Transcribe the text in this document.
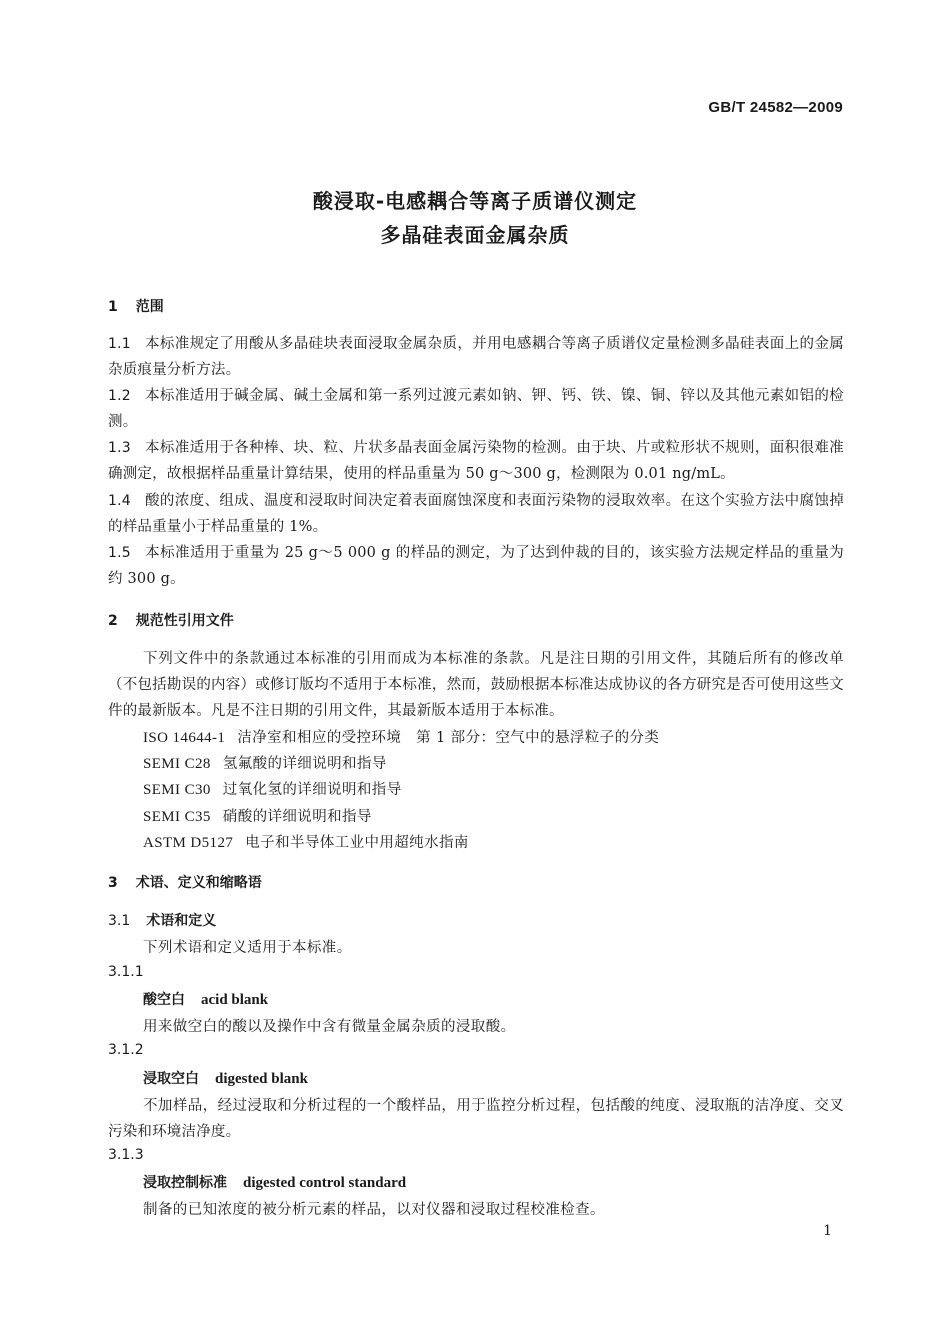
GB/T 24582—2009
酸浸取-电感耦合等离子质谱仪测定
多晶硅表面金属杂质
1 范围
1.1 本标准规定了用酸从多晶硅块表面浸取金属杂质，并用电感耦合等离子质谱仪定量检测多晶硅表面上的金属杂质痕量分析方法。
1.2 本标准适用于碱金属、碱土金属和第一系列过渡元素如钠、钾、钙、铁、镍、铜、锌以及其他元素如铝的检测。
1.3 本标准适用于各种棒、块、粒、片状多晶表面金属污染物的检测。由于块、片或粒形状不规则，面积很难准确测定，故根据样品重量计算结果，使用的样品重量为 50 g～300 g，检测限为 0.01 ng/mL。
1.4 酸的浓度、组成、温度和浸取时间决定着表面腐蚀深度和表面污染物的浸取效率。在这个实验方法中腐蚀掉的样品重量小于样品重量的 1%。
1.5 本标准适用于重量为 25 g～5 000 g 的样品的测定，为了达到仲裁的目的，该实验方法规定样品的重量为约 300 g。
2 规范性引用文件
下列文件中的条款通过本标准的引用而成为本标准的条款。凡是注日期的引用文件，其随后所有的修改单（不包括勘误的内容）或修订版均不适用于本标准，然而，鼓励根据本标准达成协议的各方研究是否可使用这些文件的最新版本。凡是不注日期的引用文件，其最新版本适用于本标准。
ISO 14644-1 洁净室和相应的受控环境　第 1 部分：空气中的悬浮粒子的分类
SEMI C28 氢氟酸的详细说明和指导
SEMI C30 过氧化氢的详细说明和指导
SEMI C35 硝酸的详细说明和指导
ASTM D5127 电子和半导体工业中用超纯水指南
3 术语、定义和缩略语
3.1 术语和定义
下列术语和定义适用于本标准。
3.1.1
酸空白 acid blank
用来做空白的酸以及操作中含有微量金属杂质的浸取酸。
3.1.2
浸取空白 digested blank
不加样品，经过浸取和分析过程的一个酸样品，用于监控分析过程，包括酸的纯度、浸取瓶的洁净度、交叉污染和环境洁净度。
3.1.3
浸取控制标准 digested control standard
制备的已知浓度的被分析元素的样品，以对仪器和浸取过程校准检查。
1
